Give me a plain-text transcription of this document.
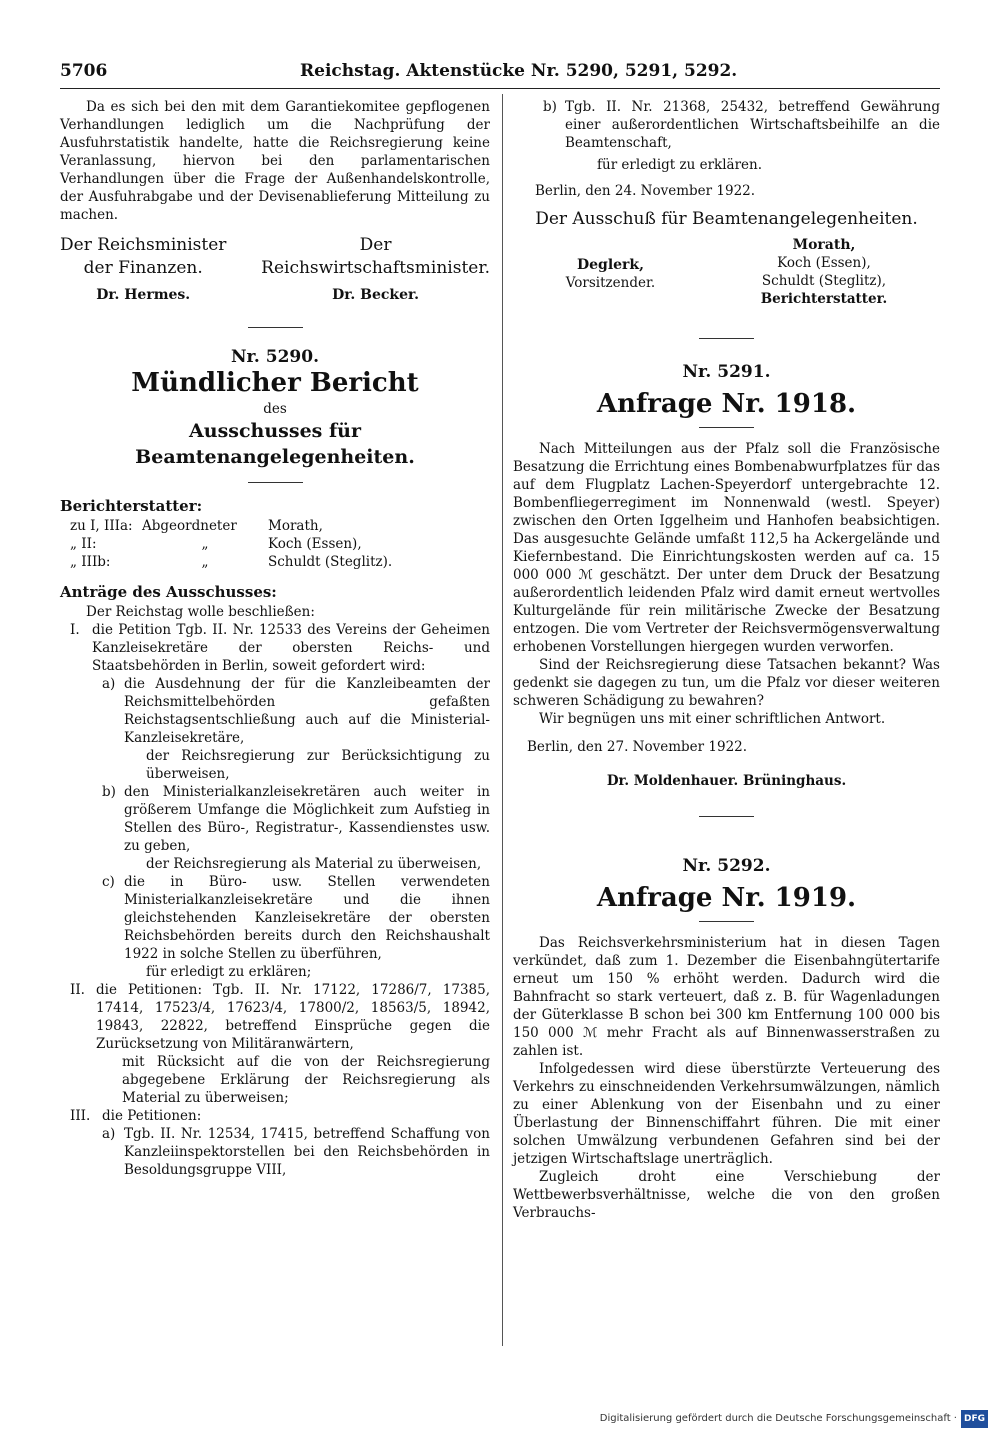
5706	Reichstag. Aktenstücke Nr. 5290, 5291, 5292.

Da es sich bei den mit dem Garantiekomitee gepflogenen Verhandlungen lediglich um die Nachprüfung der Ausfuhrstatistik handelte, hatte die Reichsregierung keine Veranlassung, hiervon bei den parlamentarischen Verhandlungen über die Frage der Außenhandelskontrolle, der Ausfuhrabgabe und der Devisenablieferung Mitteilung zu machen.

Der Reichsminister
der Finanzen.
Dr. Hermes.
Der
Reichswirtschaftsminister.
Dr. Becker.
Nr. 5290.
Mündlicher Bericht
des
Ausschusses für Beamtenangelegenheiten.

Berichterstatter:

zu I, IIIa: Abgeordneter	Morath,
„ II:	„	Koch (Essen),
„ IIIb:	„	Schuldt (Steglitz).

Anträge des Ausschusses:

Der Reichstag wolle beschließen:

I. die Petition Tgb. II. Nr. 12533 des Vereins der Geheimen Kanzleisekretäre der obersten Reichs- und Staatsbehörden in Berlin, soweit gefordert wird:
a) die Ausdehnung der für die Kanzleibeamten der Reichsmittelbehörden gefaßten Reichstagsentschließung auch auf die Ministerial-Kanzleisekretäre,

der Reichsregierung zur Berücksichtigung zu überweisen,

b) den Ministerialkanzleisekretären auch weiter in größerem Umfange die Möglichkeit zum Aufstieg in Stellen des Büro-, Registratur-, Kassendienstes usw. zu geben,

der Reichsregierung als Material zu überweisen,

c) die in Büro- usw. Stellen verwendeten Ministerialkanzleisekretäre und die ihnen gleichstehenden Kanzleisekretäre der obersten Reichsbehörden bereits durch den Reichshaushalt 1922 in solche Stellen zu überführen,

für erledigt zu erklären;

II. die Petitionen: Tgb. II. Nr. 17122, 17286/7, 17385, 17414, 17523/4, 17623/4, 17800/2, 18563/5, 18942, 19843, 22822, betreffend Einsprüche gegen die Zurücksetzung von Militäranwärtern,

mit Rücksicht auf die von der Reichsregierung abgegebene Erklärung der Reichsregierung als Material zu überweisen;

III. die Petitionen:
a) Tgb. II. Nr. 12534, 17415, betreffend Schaffung von Kanzleiinspektorstellen bei den Reichsbehörden in Besoldungsgruppe VIII,
b) Tgb. II. Nr. 21368, 25432, betreffend Gewährung einer außerordentlichen Wirtschaftsbeihilfe an die Beamtenschaft,

für erledigt zu erklären.

Berlin, den 24. November 1922.

Der Ausschuß für Beamtenangelegenheiten.

Deglerk,
Vorsitzender.
Morath,
Koch (Essen),
Schuldt (Steglitz),
Berichterstatter.
Nr. 5291.
Anfrage Nr. 1918.

Nach Mitteilungen aus der Pfalz soll die Französische Besatzung die Errichtung eines Bombenabwurfplatzes für das auf dem Flugplatz Lachen-Speyerdorf untergebrachte 12. Bombenfliegerregiment im Nonnenwald (westl. Speyer) zwischen den Orten Iggelheim und Hanhofen beabsichtigen. Das ausgesuchte Gelände umfaßt 112,5 ha Ackergelände und Kiefernbestand. Die Einrichtungskosten werden auf ca. 15 000 000 ℳ geschätzt. Der unter dem Druck der Besatzung außerordentlich leidenden Pfalz wird damit erneut wertvolles Kulturgelände für rein militärische Zwecke der Besatzung entzogen. Die vom Vertreter der Reichsvermögensverwaltung erhobenen Vorstellungen hiergegen wurden verworfen.

Sind der Reichsregierung diese Tatsachen bekannt? Was gedenkt sie dagegen zu tun, um die Pfalz vor dieser weiteren schweren Schädigung zu bewahren?

Wir begnügen uns mit einer schriftlichen Antwort.

Berlin, den 27. November 1922.

Dr. Moldenhauer. Brüninghaus.

Nr. 5292.
Anfrage Nr. 1919.

Das Reichsverkehrsministerium hat in diesen Tagen verkündet, daß zum 1. Dezember die Eisenbahngütertarife erneut um 150 % erhöht werden. Dadurch wird die Bahnfracht so stark verteuert, daß z. B. für Wagenladungen der Güterklasse B schon bei 300 km Entfernung 100 000 bis 150 000 ℳ mehr Fracht als auf Binnenwasserstraßen zu zahlen ist.

Infolgedessen wird diese überstürzte Verteuerung des Verkehrs zu einschneidenden Verkehrsumwälzungen, nämlich zu einer Ablenkung von der Eisenbahn und zu einer Überlastung der Binnenschiffahrt führen. Die mit einer solchen Umwälzung verbundenen Gefahren sind bei der jetzigen Wirtschaftslage unerträglich.

Zugleich droht eine Verschiebung der Wettbewerbsverhältnisse, welche die von den großen Verbrauchs-

Digitalisierung gefördert durch die Deutsche Forschungsgemeinschaft · DFG
